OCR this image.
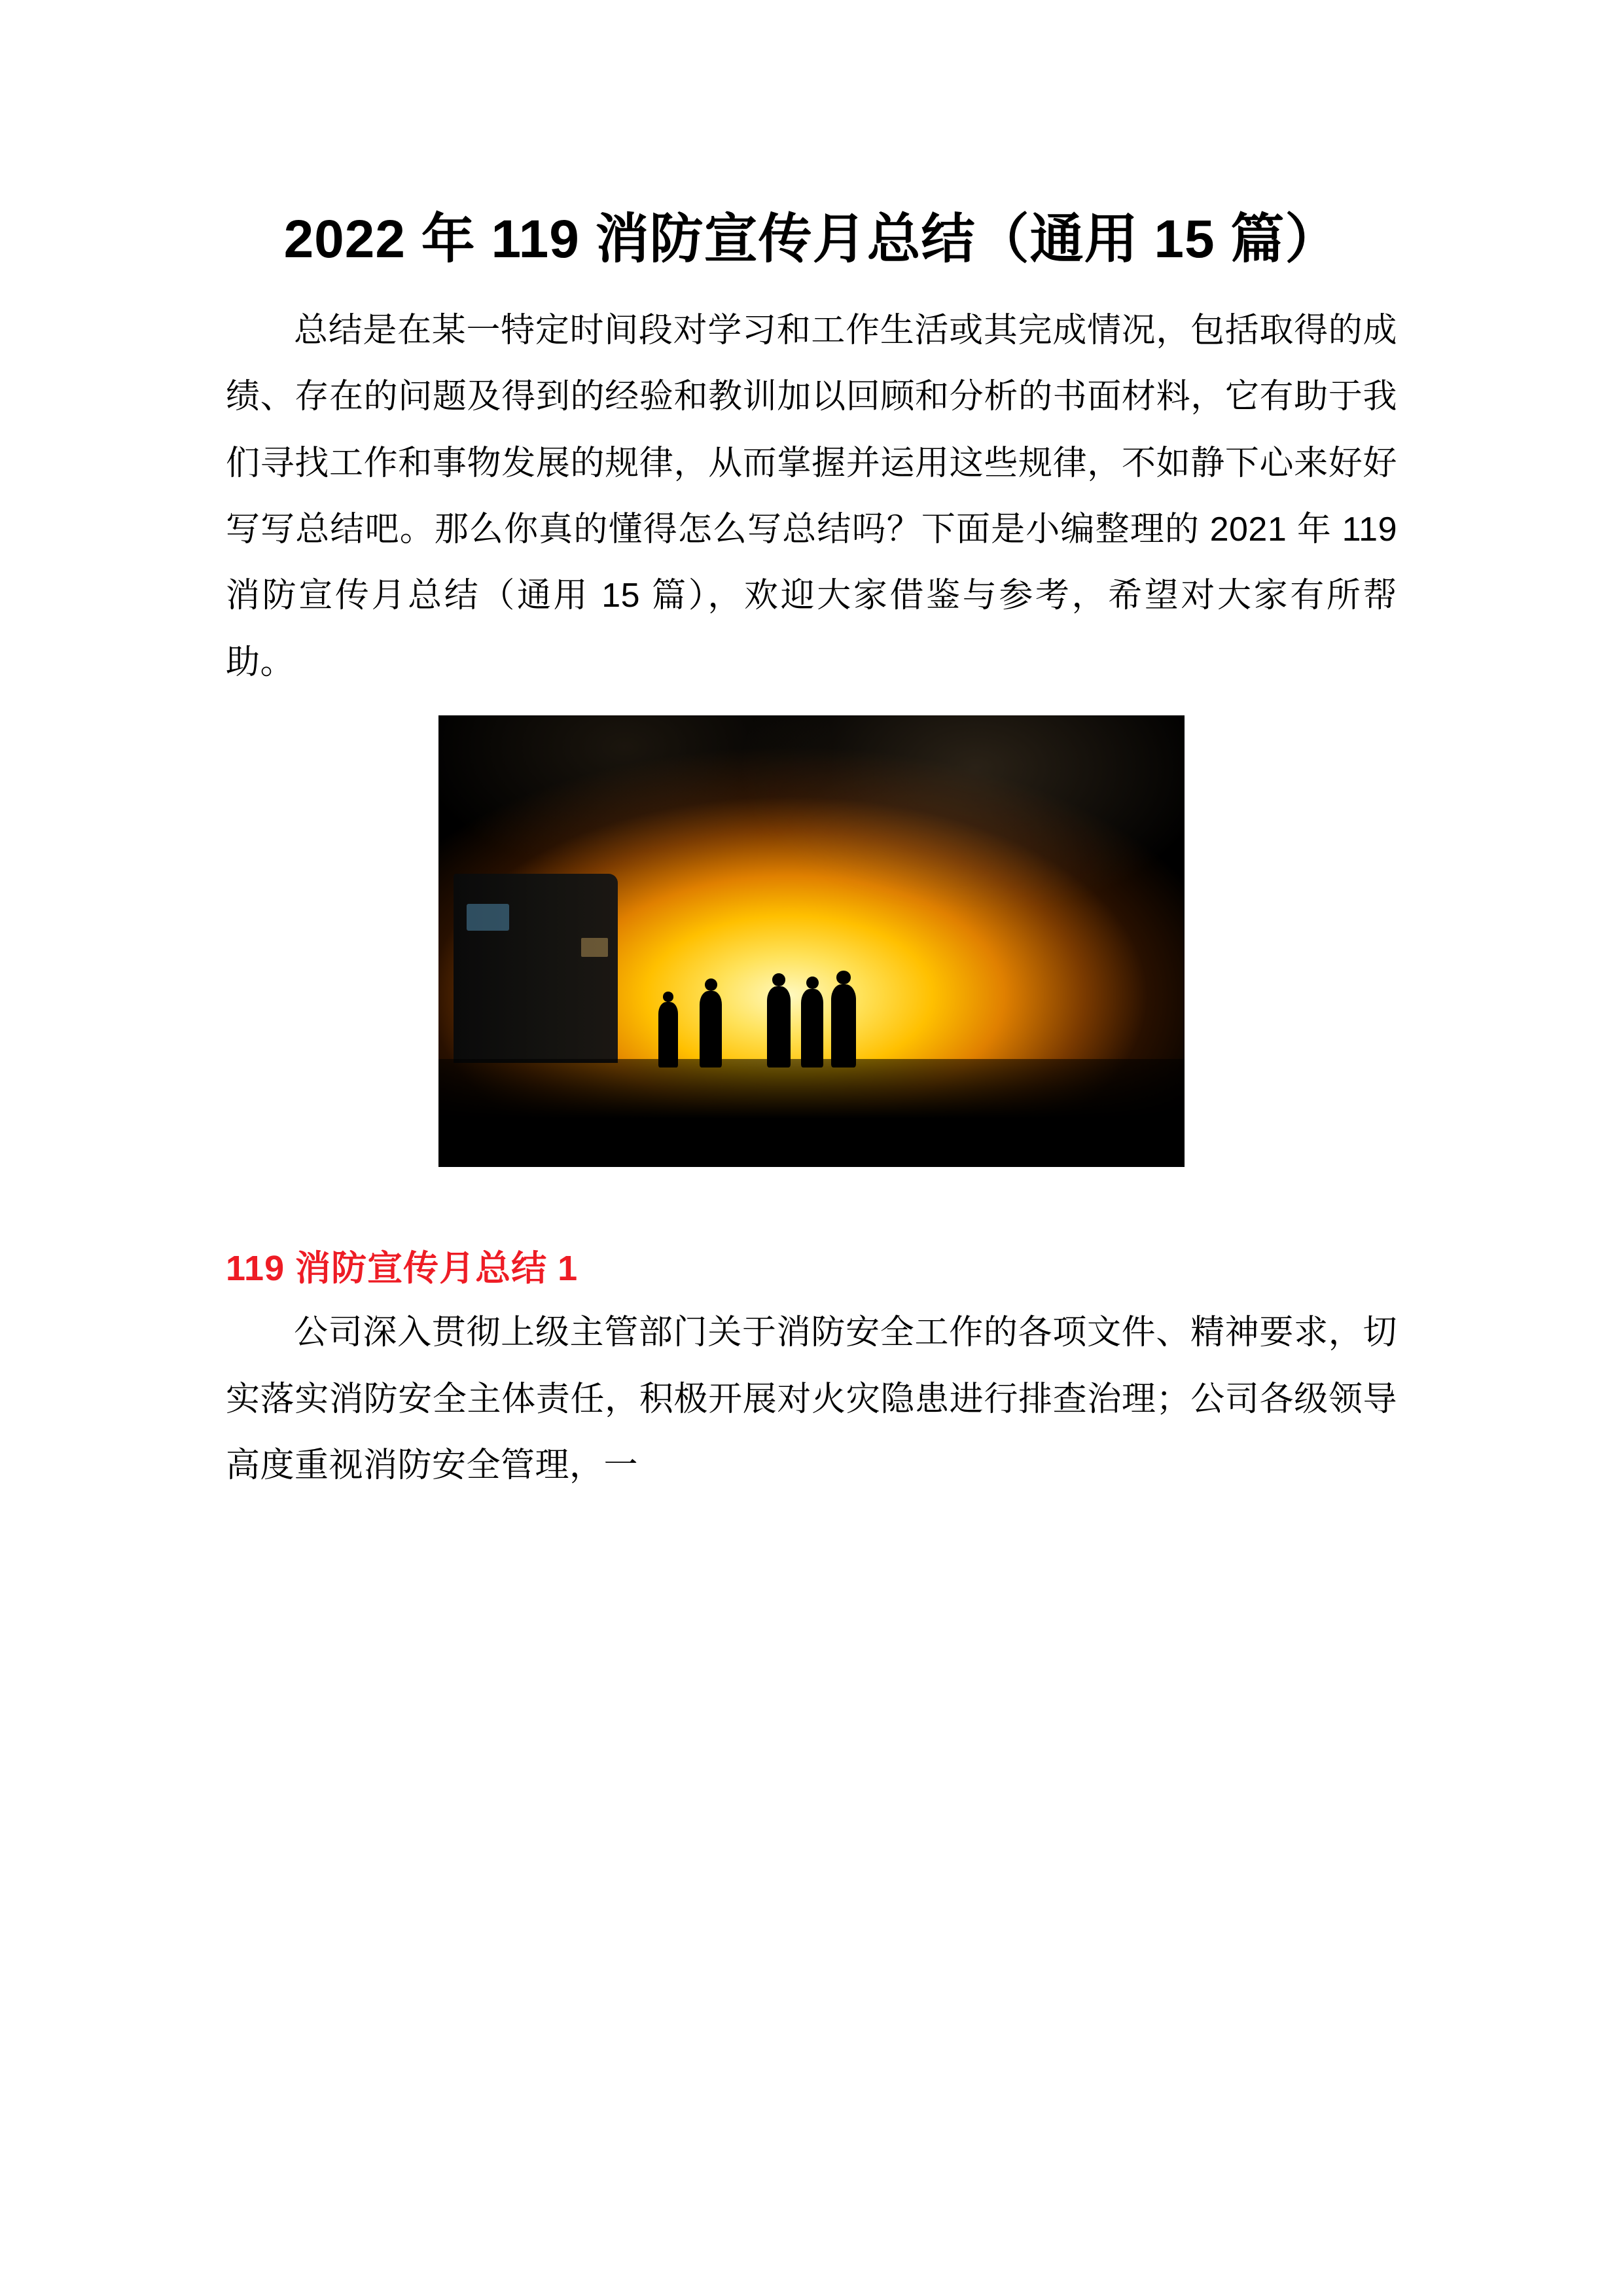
2022 年 119 消防宣传月总结（通用 15 篇）

总结是在某一特定时间段对学习和工作生活或其完成情况，包括取得的成绩、存在的问题及得到的经验和教训加以回顾和分析的书面材料，它有助于我们寻找工作和事物发展的规律，从而掌握并运用这些规律，不如静下心来好好写写总结吧。那么你真的懂得怎么写总结吗？下面是小编整理的 2021 年 119 消防宣传月总结（通用 15 篇），欢迎大家借鉴与参考，希望对大家有所帮助。

119 消防宣传月总结 1

公司深入贯彻上级主管部门关于消防安全工作的各项文件、精神要求，切实落实消防安全主体责任，积极开展对火灾隐患进行排查治理；公司各级领导高度重视消防安全管理，一
